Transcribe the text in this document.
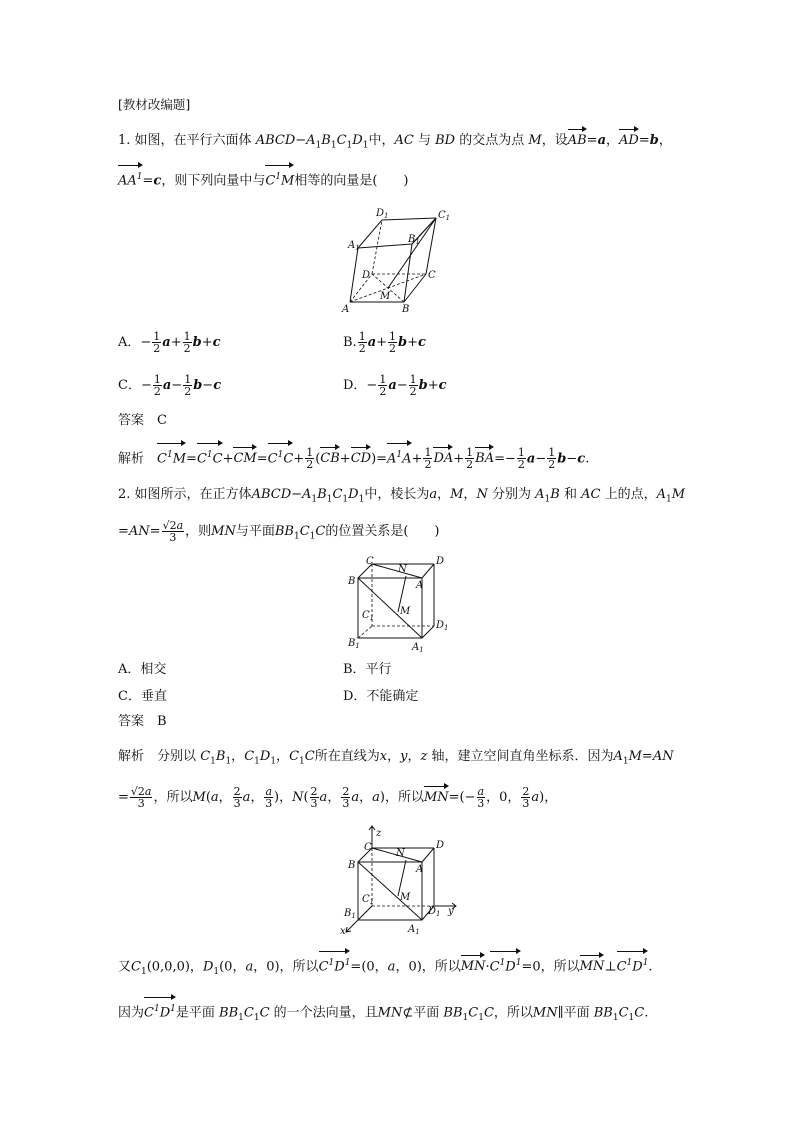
[教材改编题]
1. 如图，在平行六面体 $ABCD-A_1B_1C_1D_1$中，AC 与 BD 的交点为点 M，设AB=a，AD=b，
$AA^1=c$，则下列向量中与$C^1M$相等的向量是(　　)
A	B
C
D
$A_1$
$B_1$
$C_1$
$D_1$
M
A．− $\frac{1}{2} a+ \frac{1}{2} b+c$	B. $\frac{1}{2} a+ \frac{1}{2} b+c$
C．− $\frac{1}{2} a- \frac{1}{2} b-c$	D．− $\frac{1}{2} a- \frac{1}{2} b+c$
答案　 C
解析　 $C^1M=C^1C+CM=C^1C+ \frac{1}{2} (CB+CD)=A^1A+ \frac{1}{2} DA+ \frac{1}{2} BA=- \frac{1}{2} a- \frac{1}{2} b-c$.
2. 如图所示，在正方体$ABCD-A_1B_1C_1D_1$中，棱长为a，M，N 分别为 $A_1B$ 和 AC 上的点，$A_1M$
$=AN= \frac{√2a}{3}$ ，则MN与平面$BB_1C_1C$的位置关系是(　　)
C
N
D
B	A
$C_1$
M
$D_1$
$B_1$	$A_1$
A．相交	B．平行
C．垂直	D．不能确定
答案　 B
解析　 分别以 $C_1B_1$，$C_1D_1$，$C_1C$所在直线为x，y，z 轴，建立空间直角坐标系．因为$A_1M=AN$
= $\frac{√2a}{3}$ ，所以M(a， $\frac{2}{3}$ a， $\frac{a}{3}$ )，$N( \frac{2}{3}$ a， $\frac{2}{3}$ a，a)，所以$MN=(- \frac{a}{3}$ ，0， $\frac{2}{3} a$)，
z
C
N
D
B	A
$C_1$	M
$D_1$ y
$B_1$
$A_1$
x
又$C_1(0,0,0)$，$D_1(0$，a，0)，所以$C^1D^1=(0$，a，0)，所以$MN\cdot C^1D^1=0$，所以$MN\perp C^1D^1$.
因为$C^1D^1$是平面 $BB_1C_1C$ 的一个法向量，且MN⊄平面 $BB_1C_1C$，所以MN∥平面 $BB_1C_1C$.
